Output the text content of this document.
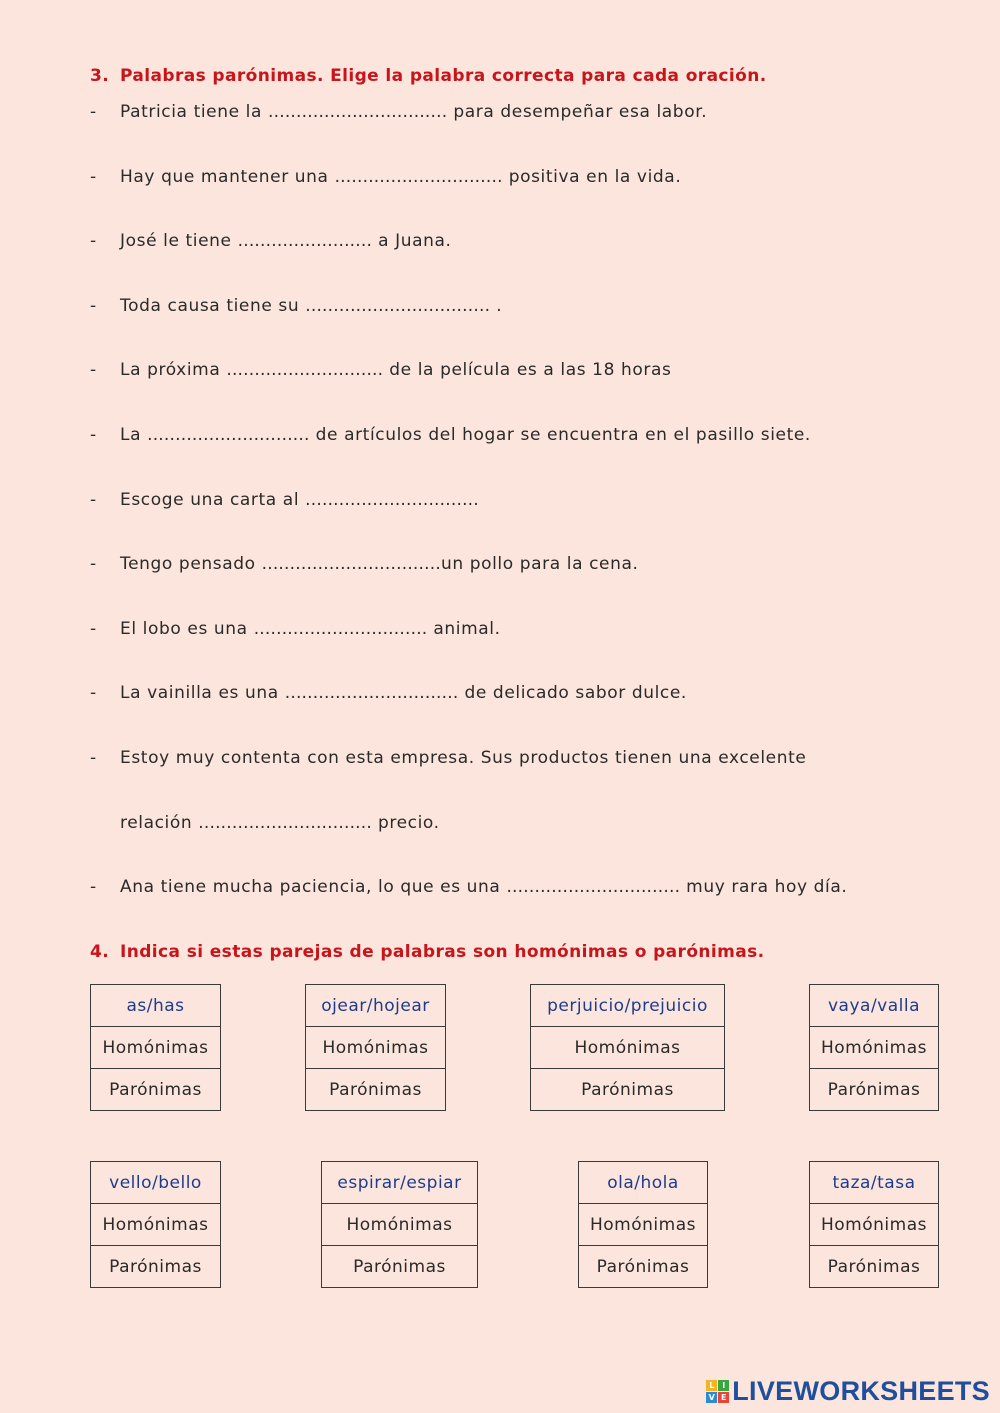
3. Palabras parónimas. Elige la palabra correcta para cada oración.
- Patricia tiene la ................................ para desempeñar esa labor.
- Hay que mantener una .............................. positiva en la vida.
- José le tiene ........................ a Juana.
- Toda causa tiene su ................................. .
- La próxima ............................ de la película es a las 18 horas
- La ............................. de artículos del hogar se encuentra en el pasillo siete.
- Escoge una carta al ...............................
- Tengo pensado ................................un pollo para la cena.
- El lobo es una ............................... animal.
- La vainilla es una ............................... de delicado sabor dulce.
- Estoy muy contenta con esta empresa. Sus productos tienen una excelente
relación ............................... precio.
- Ana tiene mucha paciencia, lo que es una ............................... muy rara hoy día.
4. Indica si estas parejas de palabras son homónimas o parónimas.
as/has
Homónimas
Parónimas
ojear/hojear
Homónimas
Parónimas
perjuicio/prejuicio
Homónimas
Parónimas
vaya/valla
Homónimas
Parónimas
vello/bello
Homónimas
Parónimas
espirar/espiar
Homónimas
Parónimas
ola/hola
Homónimas
Parónimas
taza/tasa
Homónimas
Parónimas
L I
V E LIVEWORKSHEETS
